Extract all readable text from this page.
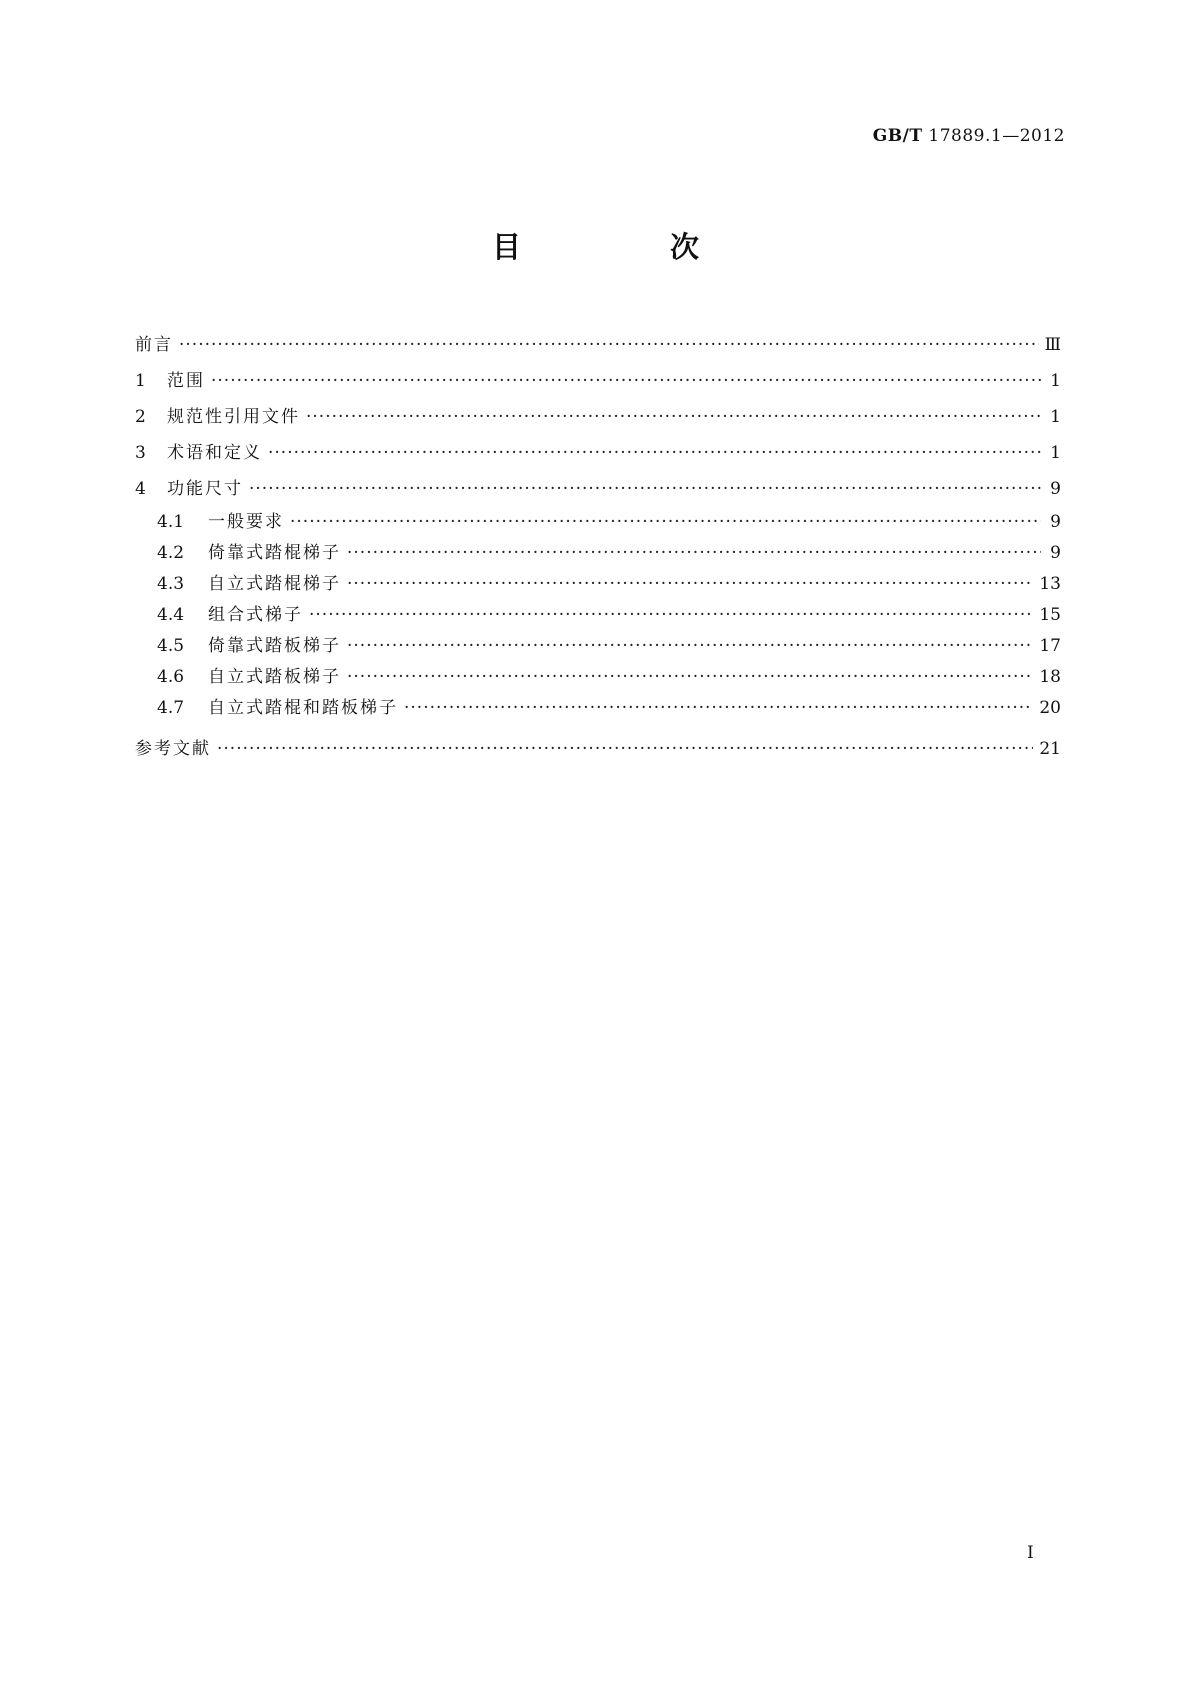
GB/T 17889.1—2012
目　次
前言 ·····	Ⅲ
1	范围 ·····	1
2	规范性引用文件 ·····	1
3	术语和定义 ·····	1
4	功能尺寸 ·····	9
4.1	一般要求 ·····	9
4.2	倚靠式踏棍梯子 ·····	9
4.3	自立式踏棍梯子 ·····	13
4.4	组合式梯子 ·····	15
4.5	倚靠式踏板梯子 ·····	17
4.6	自立式踏板梯子 ·····	18
4.7	自立式踏棍和踏板梯子 ·····	20
参考文献 ·····	21
I
